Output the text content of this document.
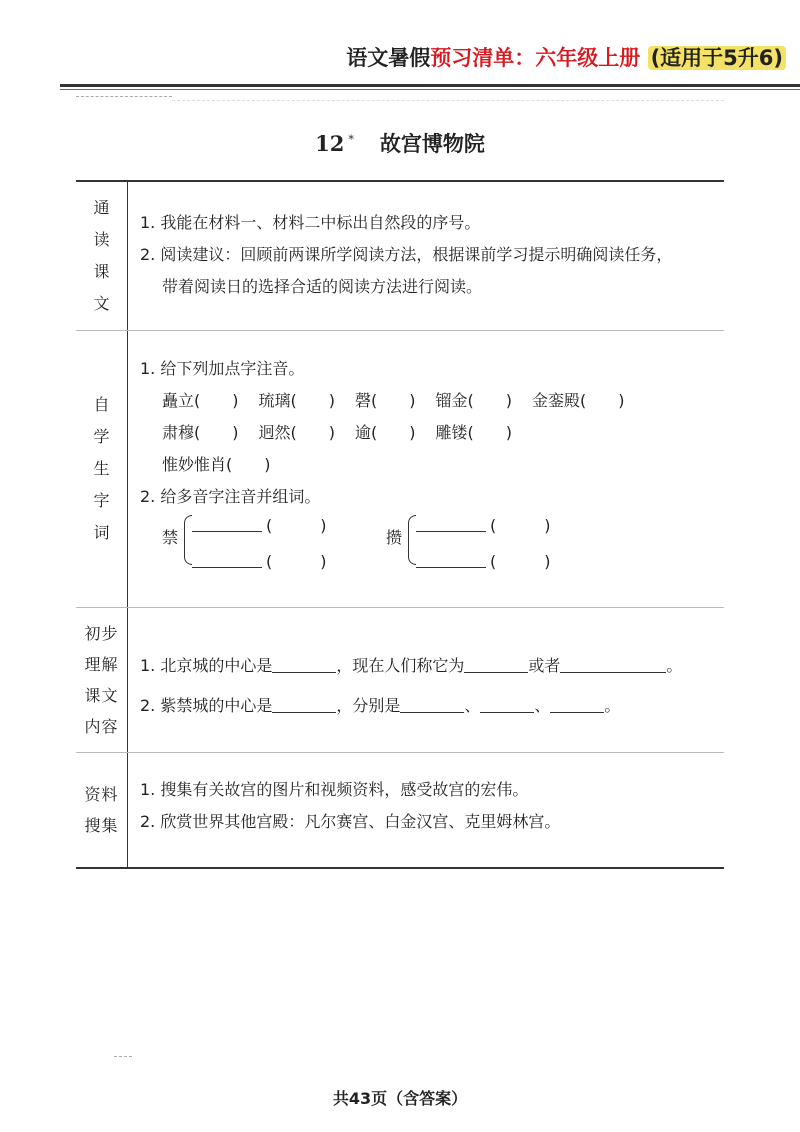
语文暑假预习清单：六年级上册 (适用于5升6)
12 * 故宫博物院
通
读
课
文
1. 我能在材料一、材料二中标出自然段的序号。
2. 阅读建议：回顾前两课所学阅读方法，根据课前学习提示明确阅读任务，
带着阅读日的选择合适的阅读方法进行阅读。
自
学
生
字
词
1. 给下列加点字注音。
矗立(　　) 琉璃(　　) 磬(　　) 镏金(　　) 金銮殿(　　)
肃穆(　　) 迥然(　　) 逾(　　) 雕镂(　　)
惟妙惟肖(　　)
2. 给多音字注音并组词。
禁
(　　　)
(　　　)
攒
(　　　)
(　　　)
初步
理解
课文
内容
1. 北京城的中心是	，现在人们称它为	或者	。
2. 紫禁城的中心是	，分别是	、	、	。
资料
搜集
1. 搜集有关故宫的图片和视频资料，感受故宫的宏伟。
2. 欣赏世界其他宫殿：凡尔赛宫、白金汉宫、克里姆林宫。
共43页（含答案）
